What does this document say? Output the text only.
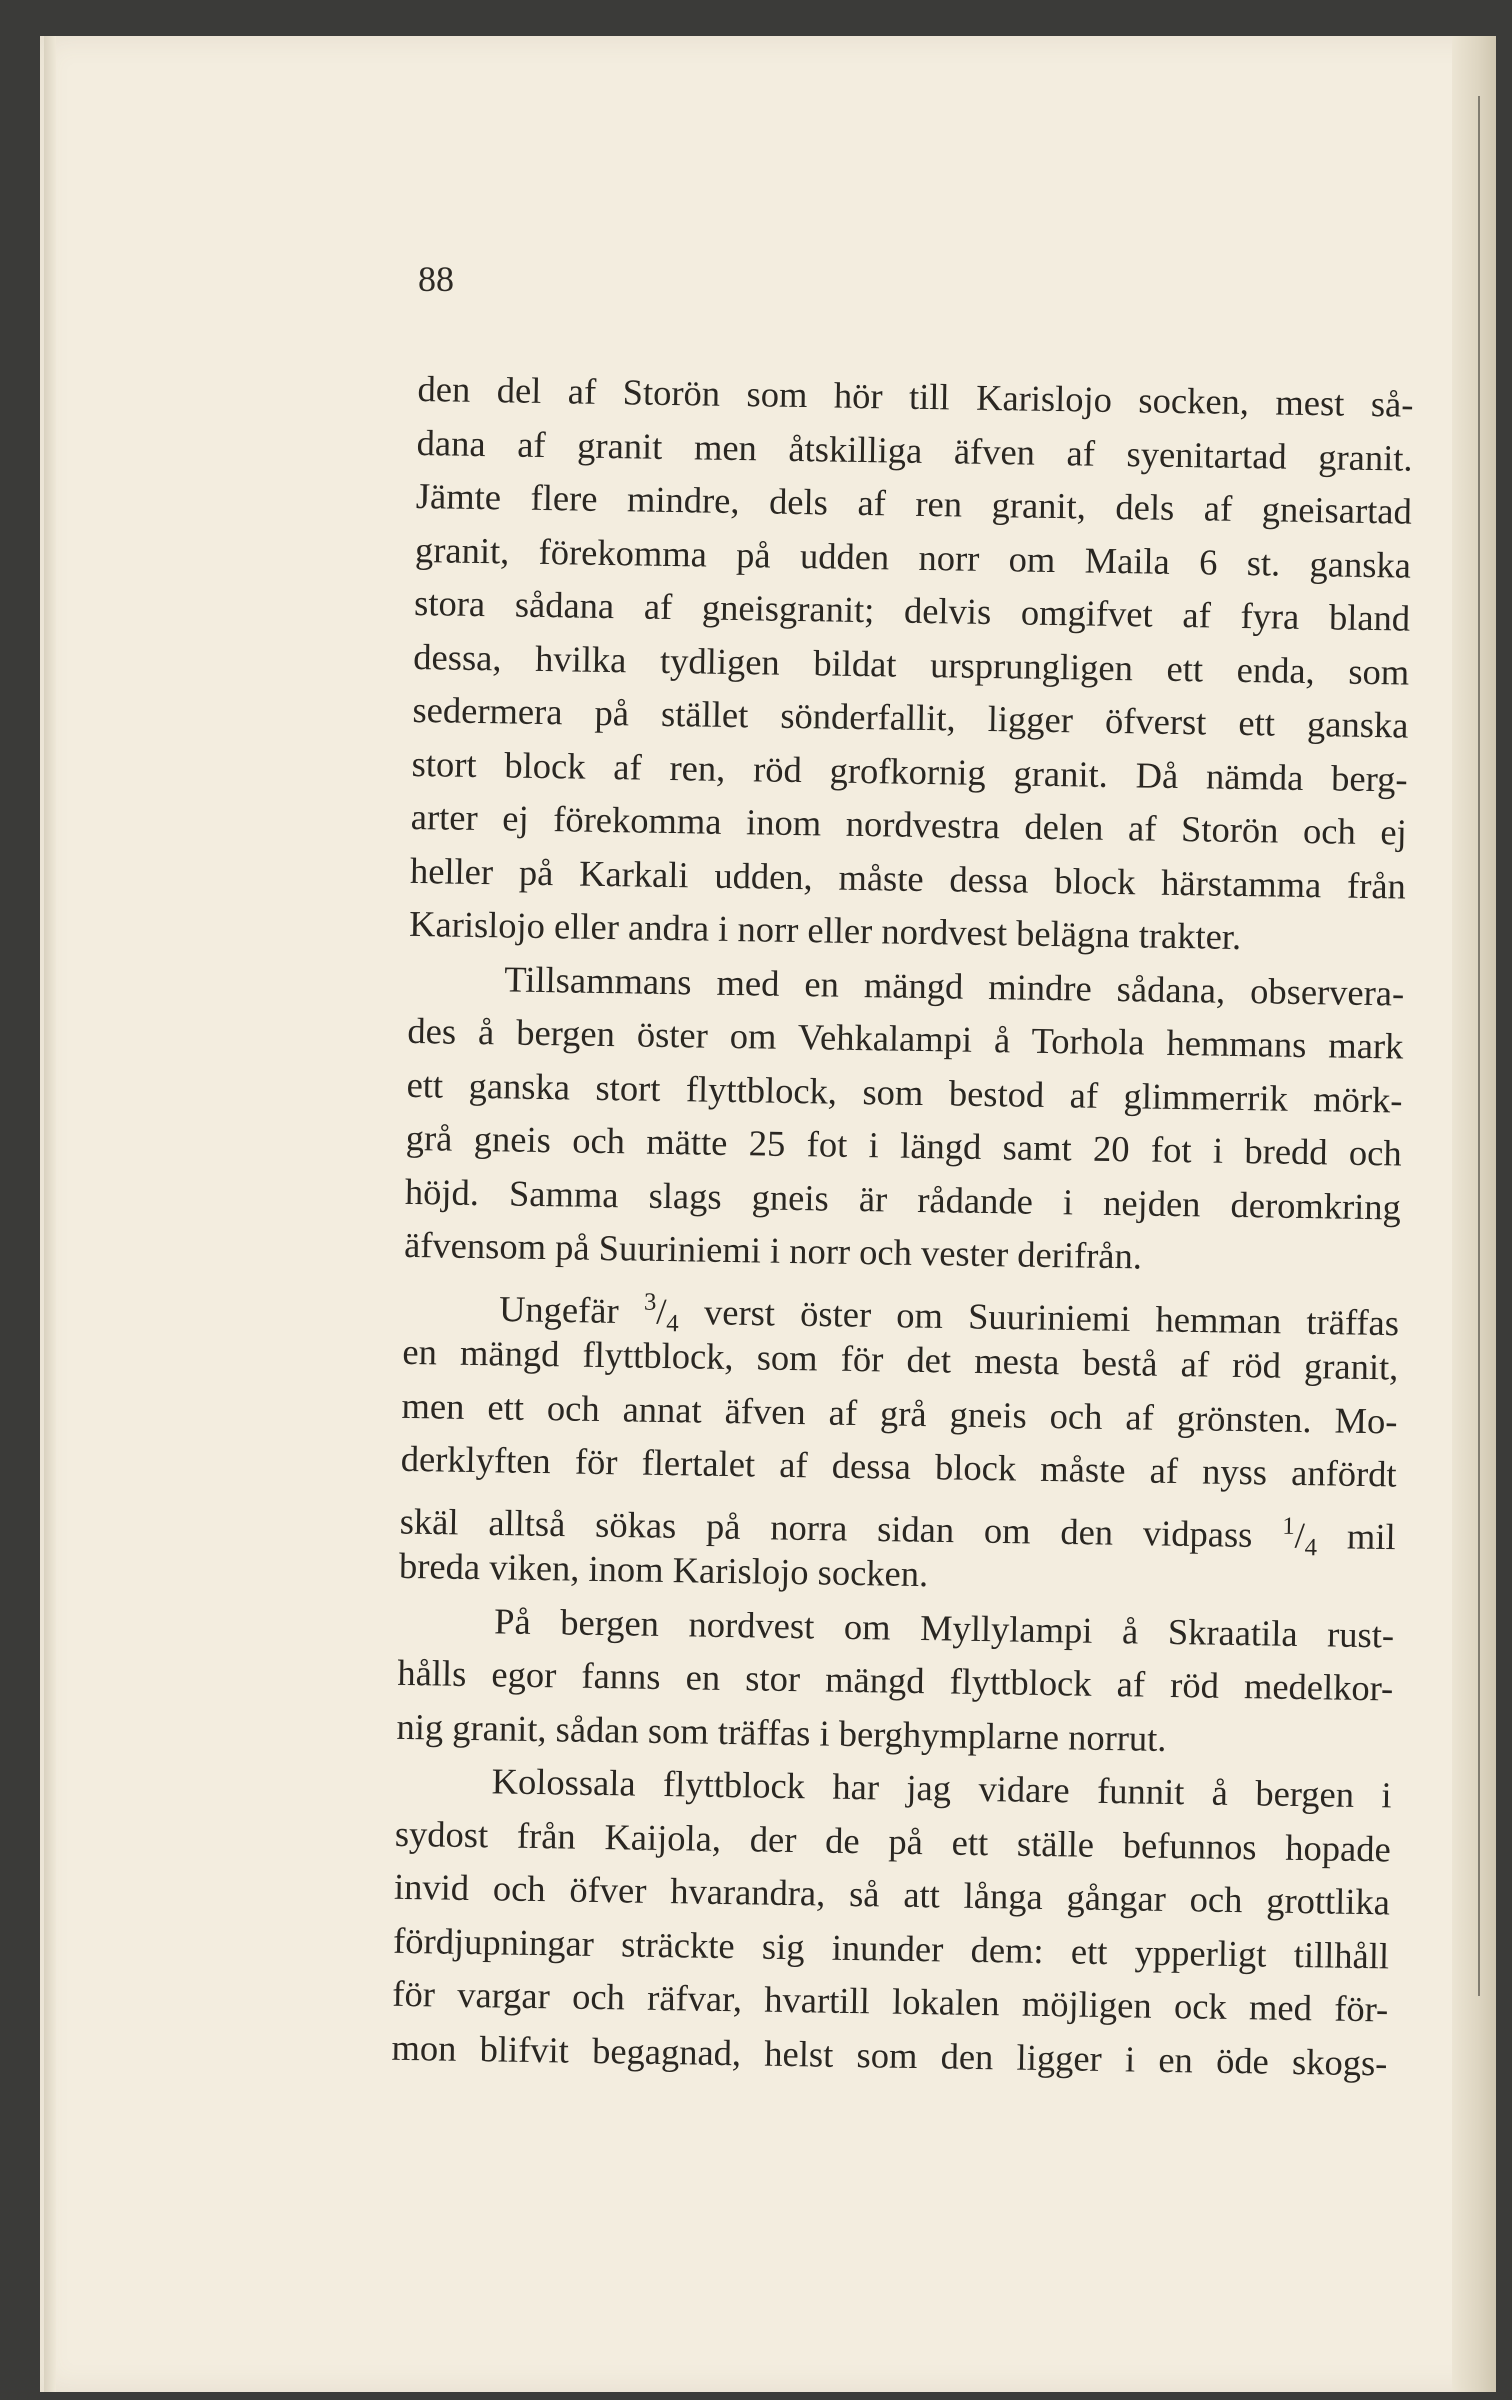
88

den del af Storön som hör till Karislojo socken, mest så-
dana af granit men åtskilliga äfven af syenitartad granit.
Jämte flere mindre, dels af ren granit, dels af gneisartad
granit, förekomma på udden norr om Maila 6 st. ganska
stora sådana af gneisgranit; delvis omgifvet af fyra bland
dessa, hvilka tydligen bildat ursprungligen ett enda, som
sedermera på stället sönderfallit, ligger öfverst ett ganska
stort block af ren, röd grofkornig granit. Då nämda berg-
arter ej förekomma inom nordvestra delen af Storön och ej
heller på Karkali udden, måste dessa block härstamma från
Karislojo eller andra i norr eller nordvest belägna trakter.
Tillsammans med en mängd mindre sådana, observera-
des å bergen öster om Vehkalampi å Torhola hemmans mark
ett ganska stort flyttblock, som bestod af glimmerrik mörk-
grå gneis och mätte 25 fot i längd samt 20 fot i bredd och
höjd. Samma slags gneis är rådande i nejden deromkring
äfvensom på Suuriniemi i norr och vester derifrån.
Ungefär $^3/_4$ verst öster om Suuriniemi hemman träffas
en mängd flyttblock, som för det mesta bestå af röd granit,
men ett och annat äfven af grå gneis och af grönsten. Mo-
derklyften för flertalet af dessa block måste af nyss anfördt
skäl alltså sökas på norra sidan om den vidpass $^1/_4$ mil
breda viken, inom Karislojo socken.
På bergen nordvest om Myllylampi å Skraatila rust-
hålls egor fanns en stor mängd flyttblock af röd medelkor-
nig granit, sådan som träffas i berghymplarne norrut.
Kolossala flyttblock har jag vidare funnit å bergen i
sydost från Kaijola, der de på ett ställe befunnos hopade
invid och öfver hvarandra, så att långa gångar och grottlika
fördjupningar sträckte sig inunder dem: ett ypperligt tillhåll
för vargar och räfvar, hvartill lokalen möjligen ock med för-
mon blifvit begagnad, helst som den ligger i en öde skogs-
